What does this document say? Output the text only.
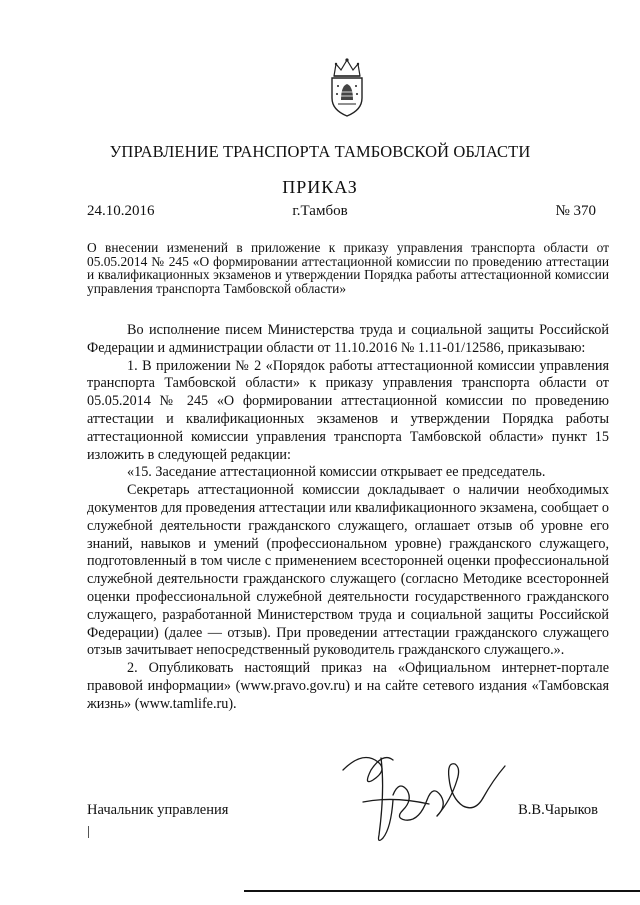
УПРАВЛЕНИЕ ТРАНСПОРТА ТАМБОВСКОЙ ОБЛАСТИ
ПРИКАЗ
24.10.2016	г.Тамбов	№ 370
О внесении изменений в приложение к приказу управления транспорта области от 05.05.2014 № 245 «О формировании аттестационной комиссии по проведению аттестации и квалификационных экзаменов и утверждении Порядка работы аттестационной комиссии управления транспорта Тамбовской области»

Во исполнение писем Министерства труда и социальной защиты Российской Федерации и администрации области от 11.10.2016 № 1.11-01/12586, приказываю:

1. В приложении № 2 «Порядок работы аттестационной комиссии управления транспорта Тамбовской области» к приказу управления транспорта области от 05.05.2014 № 245 «О формировании аттестационной комиссии по проведению аттестации и квалификационных экзаменов и утверждении Порядка работы аттестационной комиссии управления транспорта Тамбовской области» пункт 15 изложить в следующей редакции:

«15. Заседание аттестационной комиссии открывает ее председатель.

Секретарь аттестационной комиссии докладывает о наличии необходимых документов для проведения аттестации или квалификационного экзамена, сообщает о служебной деятельности гражданского служащего, оглашает отзыв об уровне его знаний, навыков и умений (профессиональном уровне) гражданского служащего, подготовленный в том числе с применением всесторонней оценки профессиональной служебной деятельности гражданского служащего (согласно Методике всесторонней оценки профессиональной служебной деятельности государственного гражданского служащего, разработанной Министерством труда и социальной защиты Российской Федерации) (далее — отзыв). При проведении аттестации гражданского служащего отзыв зачитывает непосредственный руководитель гражданского служащего.».

2. Опубликовать настоящий приказ на «Официальном интернет-портале правовой информации» (www.pravo.gov.ru) и на сайте сетевого издания «Тамбовская жизнь» (www.tamlife.ru).

Начальник управления	В.В.Чарыков
